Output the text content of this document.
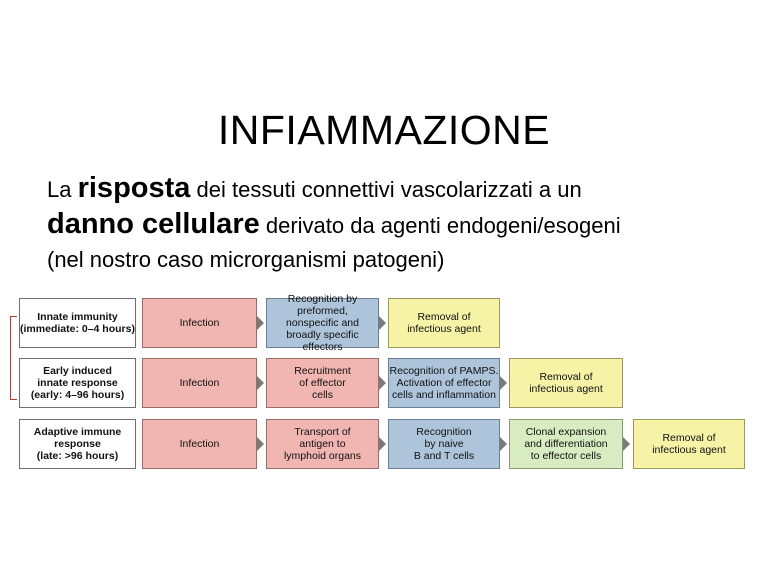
INFIAMMAZIONE
La risposta dei tessuti connettivi vascolarizzati a un
danno cellulare derivato da agenti endogeni/esogeni
(nel nostro caso microrganismi patogeni)
Innate immunity
(immediate: 0–4 hours)	Infection
Recognition by preformed,
nonspecific and
broadly specific effectors
Removal of
infectious agent
Early induced
innate response
(early: 4–96 hours)
Infection
Recruitment
of effector
cells
Recognition of PAMPS.
Activation of effector
cells and inflammation
Removal of
infectious agent
Adaptive immune
response
(late: >96 hours)
Infection
Transport of
antigen to
lymphoid organs
Recognition
by naive
B and T cells
Clonal expansion
and differentiation
to effector cells
Removal of
infectious agent
